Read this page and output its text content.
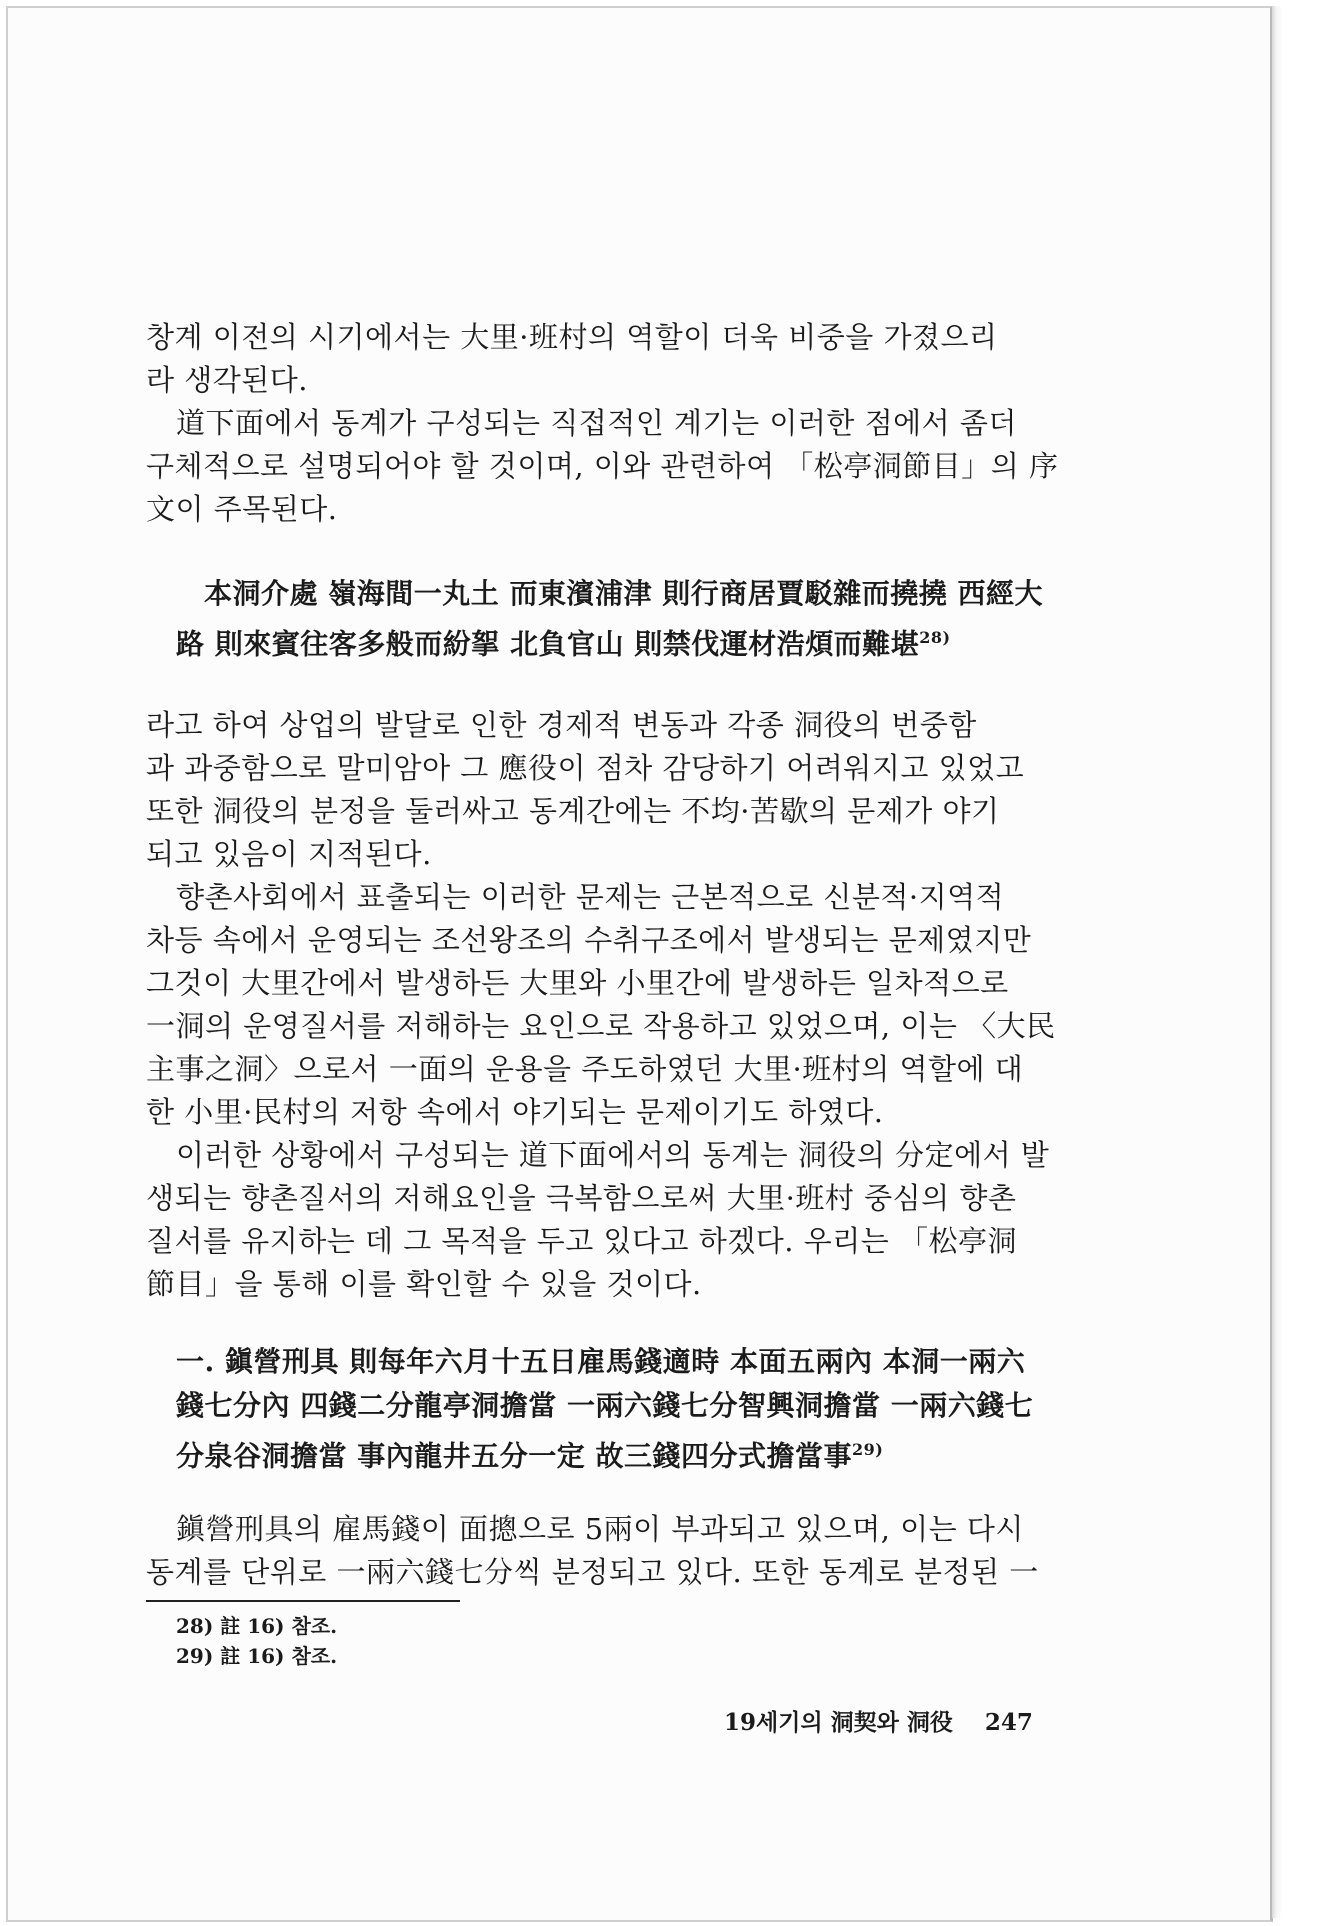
창계 이전의 시기에서는 大里·班村의 역할이 더욱 비중을 가졌으리

라 생각된다.

道下面에서 동계가 구성되는 직접적인 계기는 이러한 점에서 좀더

구체적으로 설명되어야 할 것이며, 이와 관련하여 「松亭洞節目」의 序

文이 주목된다.

本洞介處 嶺海間一丸土 而東濱浦津 則行商居賈駁雜而撓撓 西經大

路 則來賓往客多般而紛挐 北負官山 則禁伐運材浩煩而難堪$^{28)}$

라고 하여 상업의 발달로 인한 경제적 변동과 각종 洞役의 번중함

과 과중함으로 말미암아 그 應役이 점차 감당하기 어려워지고 있었고

또한 洞役의 분정을 둘러싸고 동계간에는 不均·苦歇의 문제가 야기

되고 있음이 지적된다.

향촌사회에서 표출되는 이러한 문제는 근본적으로 신분적·지역적

차등 속에서 운영되는 조선왕조의 수취구조에서 발생되는 문제였지만

그것이 大里간에서 발생하든 大里와 小里간에 발생하든 일차적으로

一洞의 운영질서를 저해하는 요인으로 작용하고 있었으며, 이는 〈大民

主事之洞〉으로서 一面의 운용을 주도하였던 大里·班村의 역할에 대

한 小里·民村의 저항 속에서 야기되는 문제이기도 하였다.

이러한 상황에서 구성되는 道下面에서의 동계는 洞役의 分定에서 발

생되는 향촌질서의 저해요인을 극복함으로써 大里·班村 중심의 향촌

질서를 유지하는 데 그 목적을 두고 있다고 하겠다. 우리는 「松亭洞

節目」을 통해 이를 확인할 수 있을 것이다.

一. 鎭營刑具 則每年六月十五日雇馬錢適時 本面五兩內 本洞一兩六

錢七分內 四錢二分龍亭洞擔當 一兩六錢七分智興洞擔當 一兩六錢七

分泉谷洞擔當 事內龍井五分一定 故三錢四分式擔當事$^{29)}$

鎭營刑具의 雇馬錢이 面摠으로 5兩이 부과되고 있으며, 이는 다시

동계를 단위로 一兩六錢七分씩 분정되고 있다. 또한 동계로 분정된 一

28) 註 16) 참조.

29) 註 16) 참조.

19세기의 洞契와 洞役 247
